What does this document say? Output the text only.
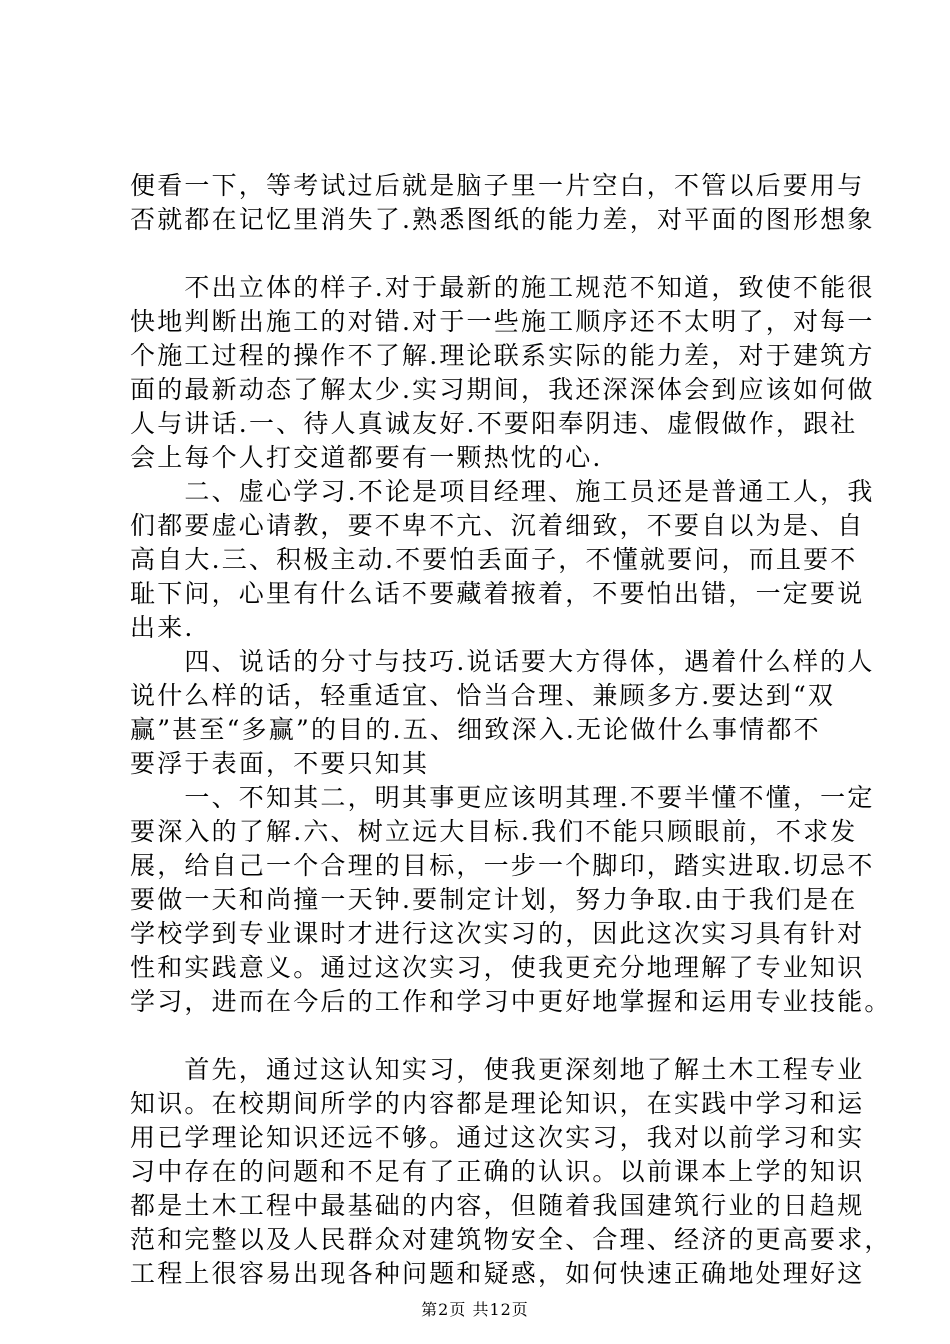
便看一下，等考试过后就是脑子里一片空白，不管以后要用与
否就都在记忆里消失了.熟悉图纸的能力差，对平面的图形想象
　　不出立体的样子.对于最新的施工规范不知道，致使不能很
快地判断出施工的对错.对于一些施工顺序还不太明了，对每一
个施工过程的操作不了解.理论联系实际的能力差，对于建筑方
面的最新动态了解太少.实习期间，我还深深体会到应该如何做
人与讲话.一、待人真诚友好.不要阳奉阴违、虚假做作，跟社
会上每个人打交道都要有一颗热忱的心.
　　二、虚心学习.不论是项目经理、施工员还是普通工人，我
们都要虚心请教，要不卑不亢、沉着细致，不要自以为是、自
高自大.三、积极主动.不要怕丢面子，不懂就要问，而且要不
耻下问，心里有什么话不要藏着掖着，不要怕出错，一定要说
出来.
　　四、说话的分寸与技巧.说话要大方得体，遇着什么样的人
说什么样的话，轻重适宜、恰当合理、兼顾多方.要达到“双
赢”甚至“多赢”的目的.五、细致深入.无论做什么事情都不
要浮于表面，不要只知其
　　一、不知其二，明其事更应该明其理.不要半懂不懂，一定
要深入的了解.六、树立远大目标.我们不能只顾眼前，不求发
展，给自己一个合理的目标，一步一个脚印，踏实进取.切忌不
要做一天和尚撞一天钟.要制定计划，努力争取.由于我们是在
学校学到专业课时才进行这次实习的，因此这次实习具有针对
性和实践意义。通过这次实习，使我更充分地理解了专业知识
学习，进而在今后的工作和学习中更好地掌握和运用专业技能。
　　首先，通过这认知实习，使我更深刻地了解土木工程专业
知识。在校期间所学的内容都是理论知识，在实践中学习和运
用已学理论知识还远不够。通过这次实习，我对以前学习和实
习中存在的问题和不足有了正确的认识。以前课本上学的知识
都是土木工程中最基础的内容，但随着我国建筑行业的日趋规
范和完整以及人民群众对建筑物安全、合理、经济的更高要求，
工程上很容易出现各种问题和疑惑，如何快速正确地处理好这
第2页 共12页
